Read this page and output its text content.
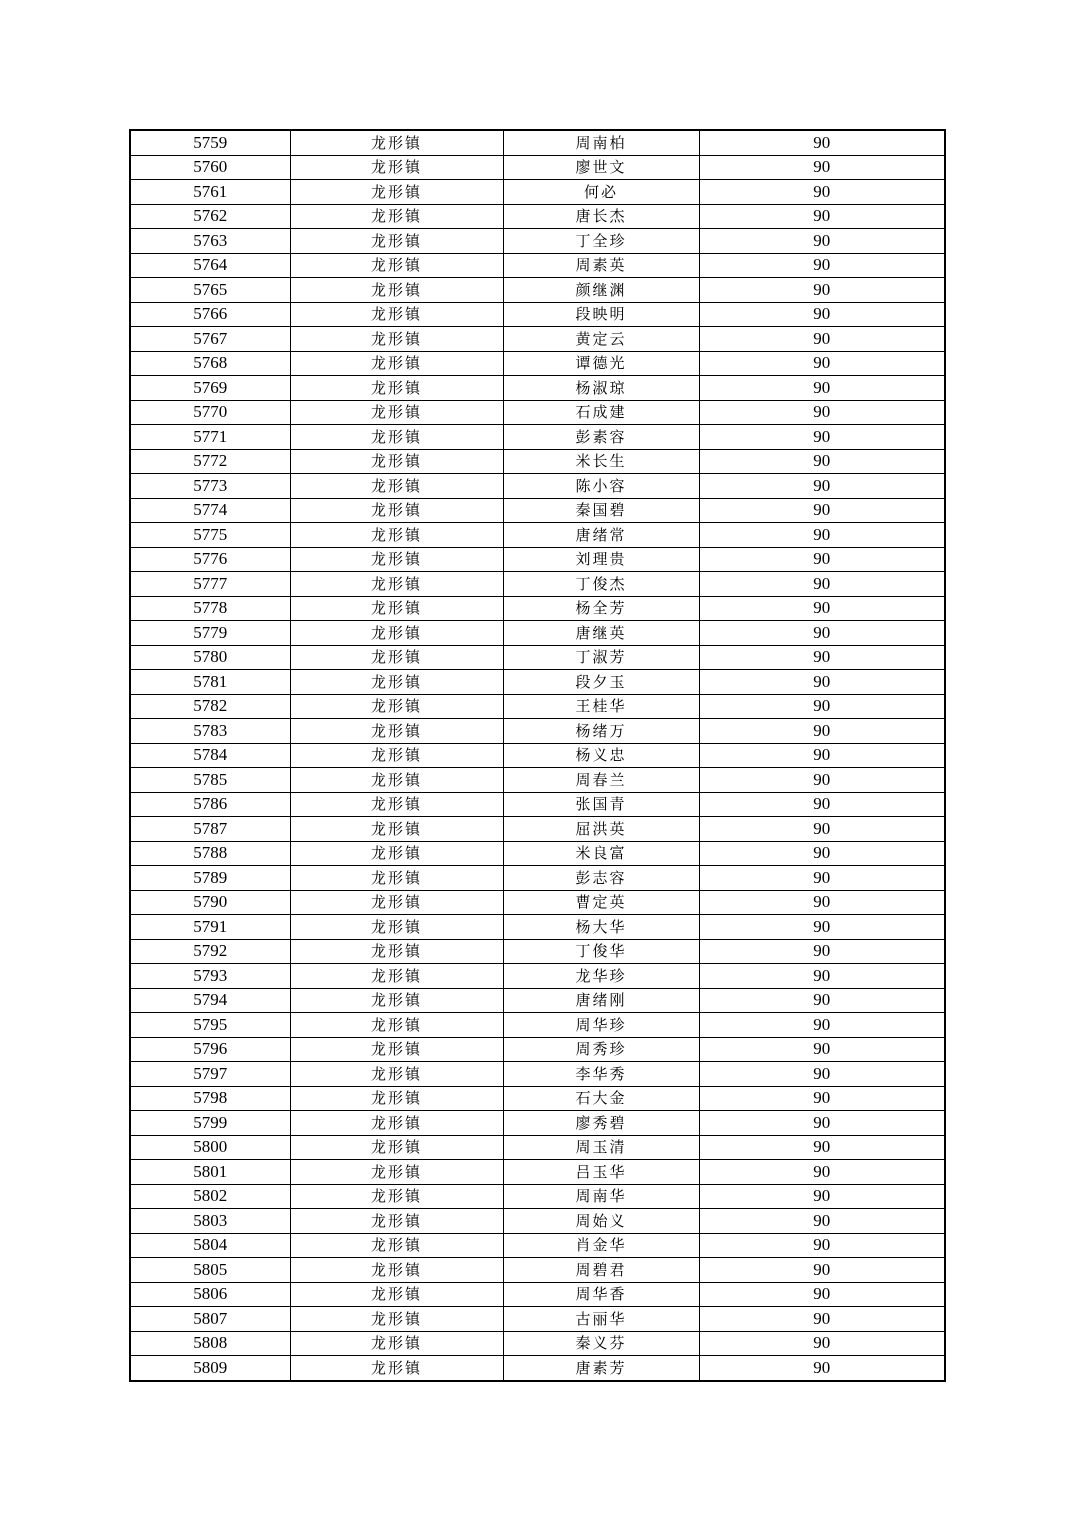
5759	龙形镇	周南柏	90
5760	龙形镇	廖世文	90
5761	龙形镇	何必	90
5762	龙形镇	唐长杰	90
5763	龙形镇	丁全珍	90
5764	龙形镇	周素英	90
5765	龙形镇	颜继渊	90
5766	龙形镇	段映明	90
5767	龙形镇	黄定云	90
5768	龙形镇	谭德光	90
5769	龙形镇	杨淑琼	90
5770	龙形镇	石成建	90
5771	龙形镇	彭素容	90
5772	龙形镇	米长生	90
5773	龙形镇	陈小容	90
5774	龙形镇	秦国碧	90
5775	龙形镇	唐绪常	90
5776	龙形镇	刘理贵	90
5777	龙形镇	丁俊杰	90
5778	龙形镇	杨全芳	90
5779	龙形镇	唐继英	90
5780	龙形镇	丁淑芳	90
5781	龙形镇	段夕玉	90
5782	龙形镇	王桂华	90
5783	龙形镇	杨绪万	90
5784	龙形镇	杨义忠	90
5785	龙形镇	周春兰	90
5786	龙形镇	张国青	90
5787	龙形镇	屈洪英	90
5788	龙形镇	米良富	90
5789	龙形镇	彭志容	90
5790	龙形镇	曹定英	90
5791	龙形镇	杨大华	90
5792	龙形镇	丁俊华	90
5793	龙形镇	龙华珍	90
5794	龙形镇	唐绪刚	90
5795	龙形镇	周华珍	90
5796	龙形镇	周秀珍	90
5797	龙形镇	李华秀	90
5798	龙形镇	石大金	90
5799	龙形镇	廖秀碧	90
5800	龙形镇	周玉清	90
5801	龙形镇	吕玉华	90
5802	龙形镇	周南华	90
5803	龙形镇	周始义	90
5804	龙形镇	肖金华	90
5805	龙形镇	周碧君	90
5806	龙形镇	周华香	90
5807	龙形镇	古丽华	90
5808	龙形镇	秦义芬	90
5809	龙形镇	唐素芳	90
